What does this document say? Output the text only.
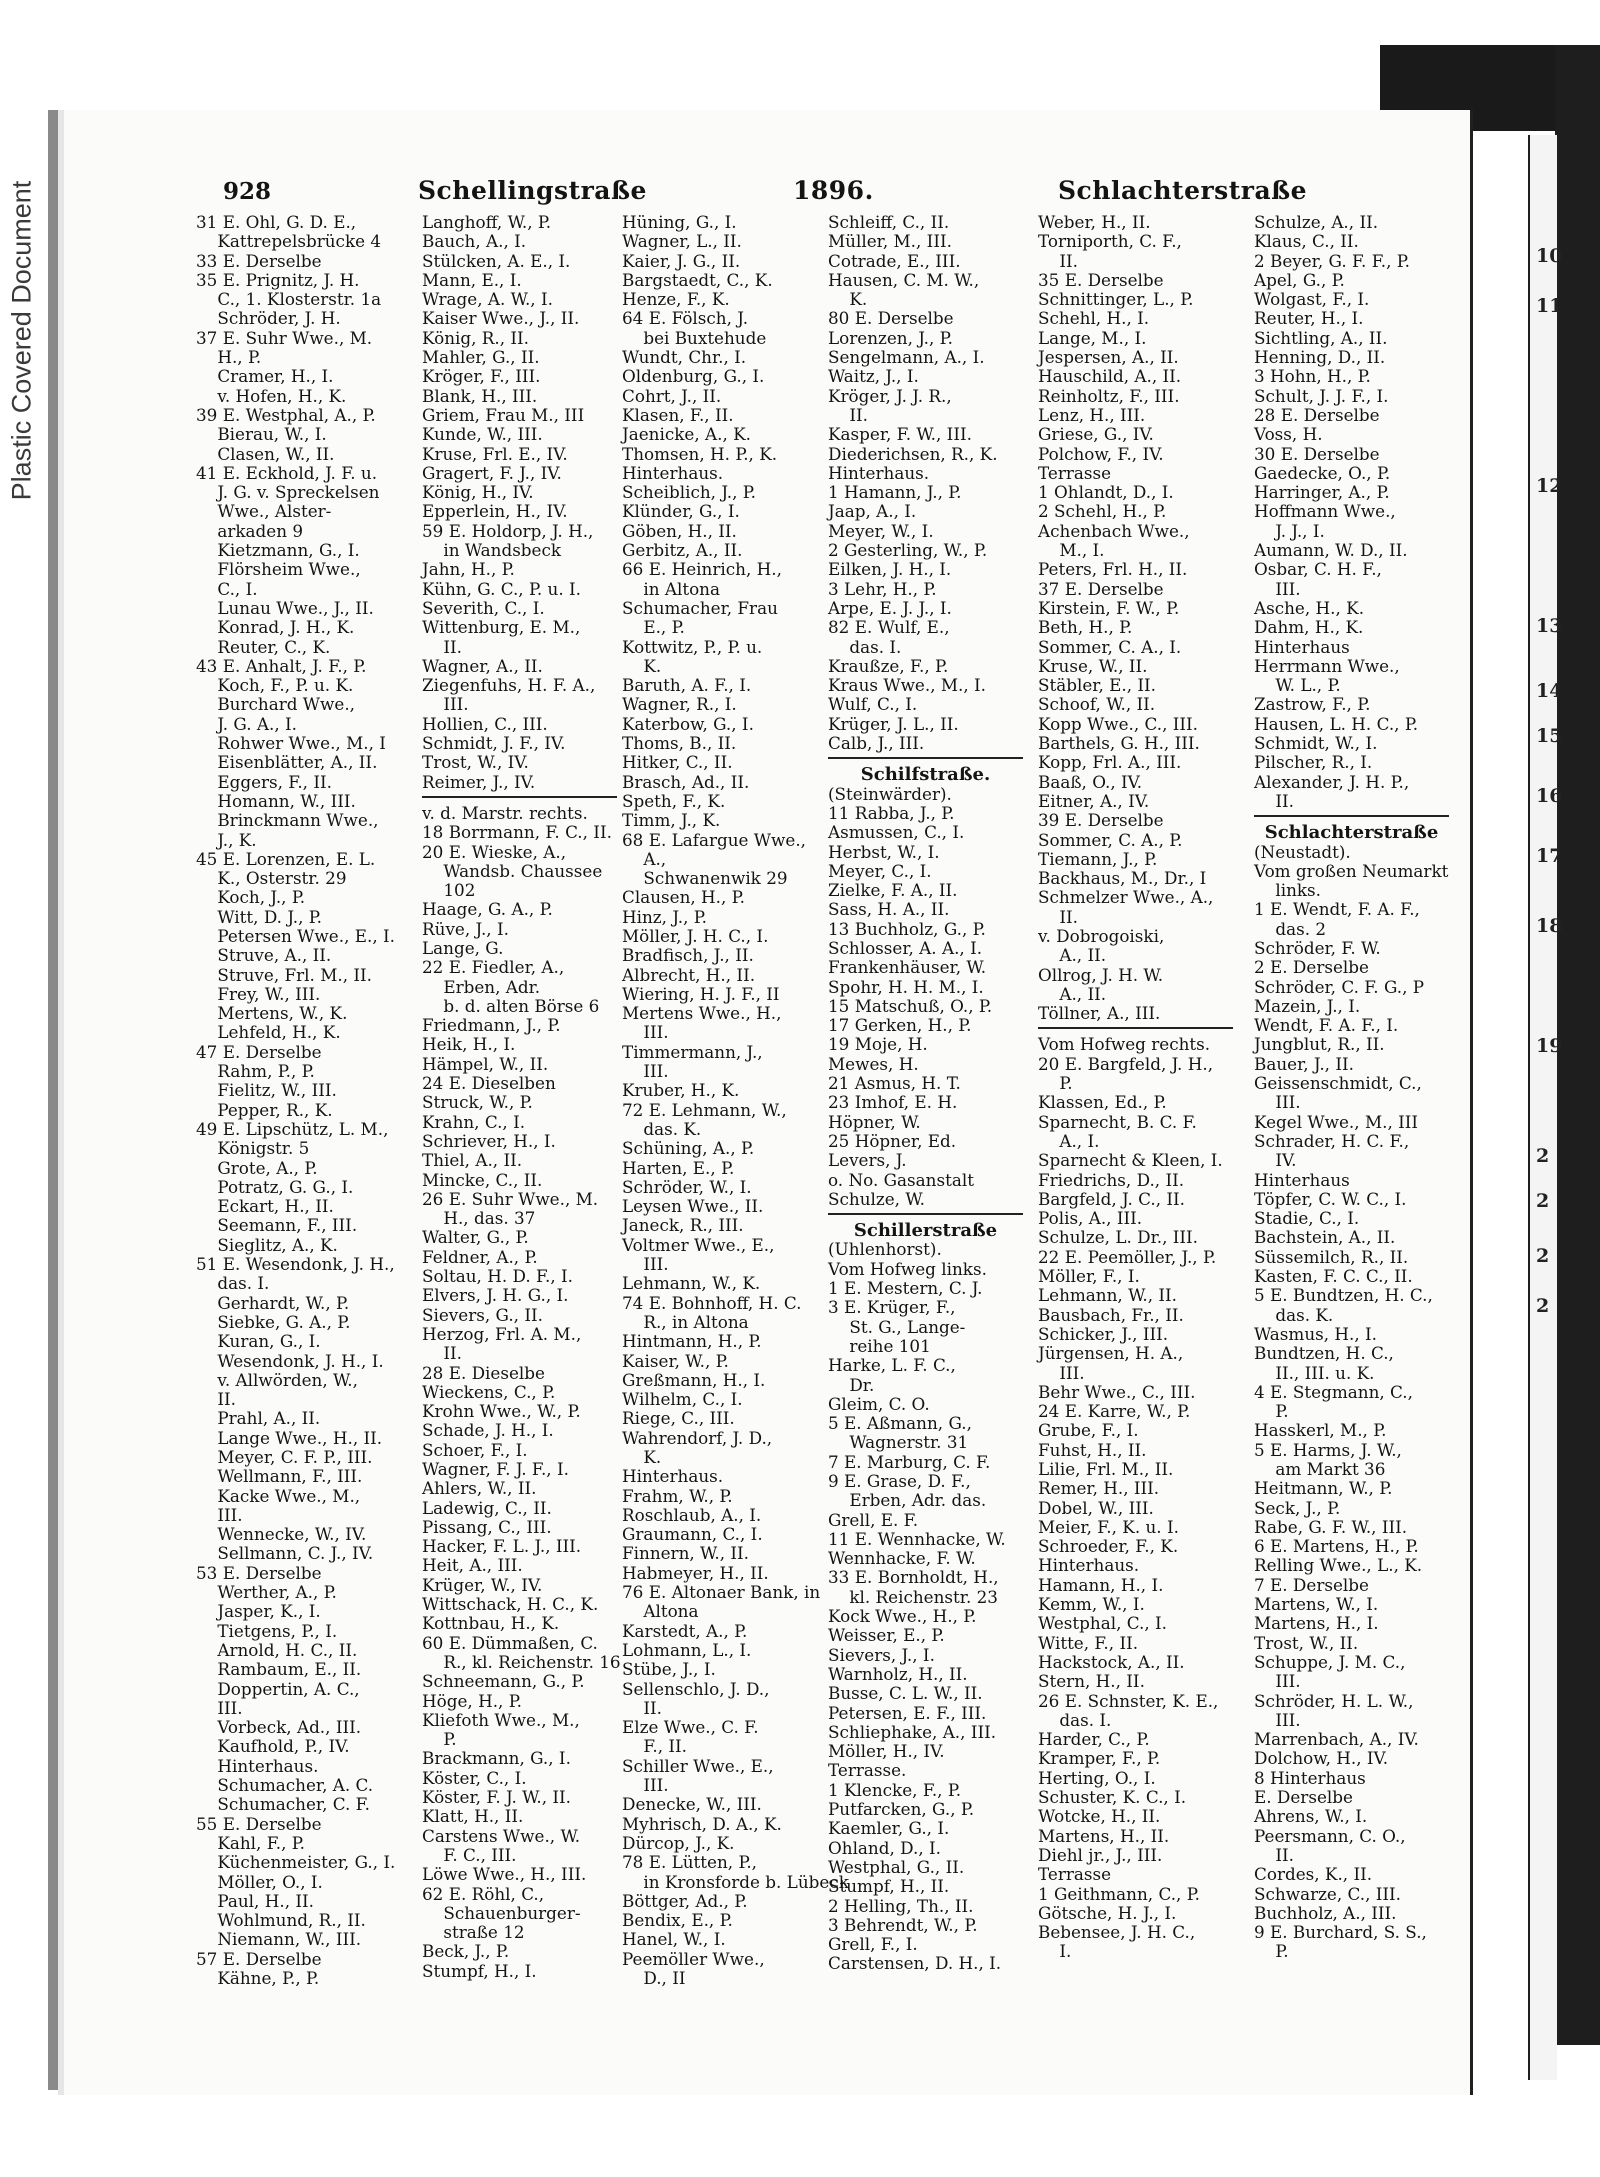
Plastic Covered Document	10
11
12
13
14
15
16
17
18
19
2
2
2
2
928	Schellingstraße	1896.	Schlachterstraße
31 E. Ohl, G. D. E.,
Kattrepelsbrücke 4
33 E. Derselbe
35 E. Prignitz, J. H.
C., 1. Klosterstr. 1a
Schröder, J. H.
37 E. Suhr Wwe., M.
H., P.
Cramer, H., I.
v. Hofen, H., K.
39 E. Westphal, A., P.
Bierau, W., I.
Clasen, W., II.
41 E. Eckhold, J. F. u.
J. G. v. Spreckelsen
Wwe., Alster-
arkaden 9
Kietzmann, G., I.
Flörsheim Wwe.,
C., I.
Lunau Wwe., J., II.
Konrad, J. H., K.
Reuter, C., K.
43 E. Anhalt, J. F., P.
Koch, F., P. u. K.
Burchard Wwe.,
J. G. A., I.
Rohwer Wwe., M., I
Eisenblätter, A., II.
Eggers, F., II.
Homann, W., III.
Brinckmann Wwe.,
J., K.
45 E. Lorenzen, E. L.
K., Osterstr. 29
Koch, J., P.
Witt, D. J., P.
Petersen Wwe., E., I.
Struve, A., II.
Struve, Frl. M., II.
Frey, W., III.
Mertens, W., K.
Lehfeld, H., K.
47 E. Derselbe
Rahm, P., P.
Fielitz, W., III.
Pepper, R., K.
49 E. Lipschütz, L. M.,
Königstr. 5
Grote, A., P.
Potratz, G. G., I.
Eckart, H., II.
Seemann, F., III.
Sieglitz, A., K.
51 E. Wesendonk, J. H.,
das. I.
Gerhardt, W., P.
Siebke, G. A., P.
Kuran, G., I.
Wesendonk, J. H., I.
v. Allwörden, W.,
II.
Prahl, A., II.
Lange Wwe., H., II.
Meyer, C. F. P., III.
Wellmann, F., III.
Kacke Wwe., M.,
III.
Wennecke, W., IV.
Sellmann, C. J., IV.
53 E. Derselbe
Werther, A., P.
Jasper, K., I.
Tietgens, P., I.
Arnold, H. C., II.
Rambaum, E., II.
Doppertin, A. C.,
III.
Vorbeck, Ad., III.
Kaufhold, P., IV.
Hinterhaus.
Schumacher, A. C.
Schumacher, C. F.
55 E. Derselbe
Kahl, F., P.
Küchenmeister, G., I.
Möller, O., I.
Paul, H., II.
Wohlmund, R., II.
Niemann, W., III.
57 E. Derselbe
Kähne, P., P.
Langhoff, W., P.
Bauch, A., I.
Stülcken, A. E., I.
Mann, E., I.
Wrage, A. W., I.
Kaiser Wwe., J., II.
König, R., II.
Mahler, G., II.
Kröger, F., III.
Blank, H., III.
Griem, Frau M., III
Kunde, W., III.
Kruse, Frl. E., IV.
Gragert, F. J., IV.
König, H., IV.
Epperlein, H., IV.
59 E. Holdorp, J. H.,
in Wandsbeck
Jahn, H., P.
Kühn, G. C., P. u. I.
Severith, C., I.
Wittenburg, E. M.,
II.
Wagner, A., II.
Ziegenfuhs, H. F. A.,
III.
Hollien, C., III.
Schmidt, J. F., IV.
Trost, W., IV.
Reimer, J., IV.
v. d. Marstr. rechts.
18 Borrmann, F. C., II.
20 E. Wieske, A.,
Wandsb. Chaussee
102
Haage, G. A., P.
Rüve, J., I.
Lange, G.
22 E. Fiedler, A.,
Erben, Adr.
b. d. alten Börse 6
Friedmann, J., P.
Heik, H., I.
Hämpel, W., II.
24 E. Dieselben
Struck, W., P.
Krahn, C., I.
Schriever, H., I.
Thiel, A., II.
Mincke, C., II.
26 E. Suhr Wwe., M.
H., das. 37
Walter, G., P.
Feldner, A., P.
Soltau, H. D. F., I.
Elvers, J. H. G., I.
Sievers, G., II.
Herzog, Frl. A. M.,
II.
28 E. Dieselbe
Wieckens, C., P.
Krohn Wwe., W., P.
Schade, J. H., I.
Schoer, F., I.
Wagner, F. J. F., I.
Ahlers, W., II.
Ladewig, C., II.
Pissang, C., III.
Hacker, F. L. J., III.
Heit, A., III.
Krüger, W., IV.
Wittschack, H. C., K.
Kottnbau, H., K.
60 E. Dümmaßen, C.
R., kl. Reichenstr. 16
Schneemann, G., P.
Höge, H., P.
Kliefoth Wwe., M.,
P.
Brackmann, G., I.
Köster, C., I.
Köster, F. J. W., II.
Klatt, H., II.
Carstens Wwe., W.
F. C., III.
Löwe Wwe., H., III.
62 E. Röhl, C.,
Schauenburger-
straße 12
Beck, J., P.
Stumpf, H., I.
Hüning, G., I.
Wagner, L., II.
Kaier, J. G., II.
Bargstaedt, C., K.
Henze, F., K.
64 E. Fölsch, J.
bei Buxtehude
Wundt, Chr., I.
Oldenburg, G., I.
Cohrt, J., II.
Klasen, F., II.
Jaenicke, A., K.
Thomsen, H. P., K.
Hinterhaus.
Scheiblich, J., P.
Klünder, G., I.
Göben, H., II.
Gerbitz, A., II.
66 E. Heinrich, H.,
in Altona
Schumacher, Frau
E., P.
Kottwitz, P., P. u.
K.
Baruth, A. F., I.
Wagner, R., I.
Katerbow, G., I.
Thoms, B., II.
Hitker, C., II.
Brasch, Ad., II.
Speth, F., K.
Timm, J., K.
68 E. Lafargue Wwe.,
A.,
Schwanenwik 29
Clausen, H., P.
Hinz, J., P.
Möller, J. H. C., I.
Bradfisch, J., II.
Albrecht, H., II.
Wiering, H. J. F., II
Mertens Wwe., H.,
III.
Timmermann, J.,
III.
Kruber, H., K.
72 E. Lehmann, W.,
das. K.
Schüning, A., P.
Harten, E., P.
Schröder, W., I.
Leysen Wwe., II.
Janeck, R., III.
Voltmer Wwe., E.,
III.
Lehmann, W., K.
74 E. Bohnhoff, H. C.
R., in Altona
Hintmann, H., P.
Kaiser, W., P.
Greßmann, H., I.
Wilhelm, C., I.
Riege, C., III.
Wahrendorf, J. D.,
K.
Hinterhaus.
Frahm, W., P.
Roschlaub, A., I.
Graumann, C., I.
Finnern, W., II.
Habmeyer, H., II.
76 E. Altonaer Bank, in
Altona
Karstedt, A., P.
Lohmann, L., I.
Stübe, J., I.
Sellenschlo, J. D.,
II.
Elze Wwe., C. F.
F., II.
Schiller Wwe., E.,
III.
Denecke, W., III.
Myhrisch, D. A., K.
Dürcop, J., K.
78 E. Lütten, P.,
in Kronsforde b. Lübeck
Böttger, Ad., P.
Bendix, E., P.
Hanel, W., I.
Peemöller Wwe.,
D., II
Schleiff, C., II.
Müller, M., III.
Cotrade, E., III.
Hausen, C. M. W.,
K.
80 E. Derselbe
Lorenzen, J., P.
Sengelmann, A., I.
Waitz, J., I.
Kröger, J. J. R.,
II.
Kasper, F. W., III.
Diederichsen, R., K.
Hinterhaus.
1 Hamann, J., P.
Jaap, A., I.
Meyer, W., I.
2 Gesterling, W., P.
Eilken, J. H., I.
3 Lehr, H., P.
Arpe, E. J. J., I.
82 E. Wulf, E.,
das. I.
Kraußze, F., P.
Kraus Wwe., M., I.
Wulf, C., I.
Krüger, J. L., II.
Calb, J., III.
Schilfstraße.
(Steinwärder).
11 Rabba, J., P.
Asmussen, C., I.
Herbst, W., I.
Meyer, C., I.
Zielke, F. A., II.
Sass, H. A., II.
13 Buchholz, G., P.
Schlosser, A. A., I.
Frankenhäuser, W.
Spohr, H. H. M., I.
15 Matschuß, O., P.
17 Gerken, H., P.
19 Moje, H.
Mewes, H.
21 Asmus, H. T.
23 Imhof, E. H.
Höpner, W.
25 Höpner, Ed.
Levers, J.
o. No. Gasanstalt
Schulze, W.
Schillerstraße
(Uhlenhorst).
Vom Hofweg links.
1 E. Mestern, C. J.
3 E. Krüger, F.,
St. G., Lange-
reihe 101
Harke, L. F. C.,
Dr.
Gleim, C. O.
5 E. Aßmann, G.,
Wagnerstr. 31
7 E. Marburg, C. F.
9 E. Grase, D. F.,
Erben, Adr. das.
Grell, E. F.
11 E. Wennhacke, W.
Wennhacke, F. W.
33 E. Bornholdt, H.,
kl. Reichenstr. 23
Kock Wwe., H., P.
Weisser, E., P.
Sievers, J., I.
Warnholz, H., II.
Busse, C. L. W., II.
Petersen, E. F., III.
Schliephake, A., III.
Möller, H., IV.
Terrasse.
1 Klencke, F., P.
Putfarcken, G., P.
Kaemler, G., I.
Ohland, D., I.
Westphal, G., II.
Stumpf, H., II.
2 Helling, Th., II.
3 Behrendt, W., P.
Grell, F., I.
Carstensen, D. H., I.
Weber, H., II.
Torniporth, C. F.,
II.
35 E. Derselbe
Schnittinger, L., P.
Schehl, H., I.
Lange, M., I.
Jespersen, A., II.
Hauschild, A., II.
Reinholtz, F., III.
Lenz, H., III.
Griese, G., IV.
Polchow, F., IV.
Terrasse
1 Ohlandt, D., I.
2 Schehl, H., P.
Achenbach Wwe.,
M., I.
Peters, Frl. H., II.
37 E. Derselbe
Kirstein, F. W., P.
Beth, H., P.
Sommer, C. A., I.
Kruse, W., II.
Stäbler, E., II.
Schoof, W., II.
Kopp Wwe., C., III.
Barthels, G. H., III.
Kopp, Frl. A., III.
Baaß, O., IV.
Eitner, A., IV.
39 E. Derselbe
Sommer, C. A., P.
Tiemann, J., P.
Backhaus, M., Dr., I
Schmelzer Wwe., A.,
II.
v. Dobrogoiski,
A., II.
Ollrog, J. H. W.
A., II.
Töllner, A., III.
Vom Hofweg rechts.
20 E. Bargfeld, J. H.,
P.
Klassen, Ed., P.
Sparnecht, B. C. F.
A., I.
Sparnecht & Kleen, I.
Friedrichs, D., II.
Bargfeld, J. C., II.
Polis, A., III.
Schulze, L. Dr., III.
22 E. Peemöller, J., P.
Möller, F., I.
Lehmann, W., II.
Bausbach, Fr., II.
Schicker, J., III.
Jürgensen, H. A.,
III.
Behr Wwe., C., III.
24 E. Karre, W., P.
Grube, F., I.
Fuhst, H., II.
Lilie, Frl. M., II.
Remer, H., III.
Dobel, W., III.
Meier, F., K. u. I.
Schroeder, F., K.
Hinterhaus.
Hamann, H., I.
Kemm, W., I.
Westphal, C., I.
Witte, F., II.
Hackstock, A., II.
Stern, H., II.
26 E. Schnster, K. E.,
das. I.
Harder, C., P.
Kramper, F., P.
Herting, O., I.
Schuster, K. C., I.
Wotcke, H., II.
Martens, H., II.
Diehl jr., J., III.
Terrasse
1 Geithmann, C., P.
Götsche, H. J., I.
Bebensee, J. H. C.,
I.
Schulze, A., II.
Klaus, C., II.
2 Beyer, G. F. F., P.
Apel, G., P.
Wolgast, F., I.
Reuter, H., I.
Sichtling, A., II.
Henning, D., II.
3 Hohn, H., P.
Schult, J. J. F., I.
28 E. Derselbe
Voss, H.
30 E. Derselbe
Gaedecke, O., P.
Harringer, A., P.
Hoffmann Wwe.,
J. J., I.
Aumann, W. D., II.
Osbar, C. H. F.,
III.
Asche, H., K.
Dahm, H., K.
Hinterhaus
Herrmann Wwe.,
W. L., P.
Zastrow, F., P.
Hausen, L. H. C., P.
Schmidt, W., I.
Pilscher, R., I.
Alexander, J. H. P.,
II.
Schlachterstraße
(Neustadt).
Vom großen Neumarkt
links.
1 E. Wendt, F. A. F.,
das. 2
Schröder, F. W.
2 E. Derselbe
Schröder, C. F. G., P
Mazein, J., I.
Wendt, F. A. F., I.
Jungblut, R., II.
Bauer, J., II.
Geissenschmidt, C.,
III.
Kegel Wwe., M., III
Schrader, H. C. F.,
IV.
Hinterhaus
Töpfer, C. W. C., I.
Stadie, C., I.
Bachstein, A., II.
Süssemilch, R., II.
Kasten, F. C. C., II.
5 E. Bundtzen, H. C.,
das. K.
Wasmus, H., I.
Bundtzen, H. C.,
II., III. u. K.
4 E. Stegmann, C.,
P.
Hasskerl, M., P.
5 E. Harms, J. W.,
am Markt 36
Heitmann, W., P.
Seck, J., P.
Rabe, G. F. W., III.
6 E. Martens, H., P.
Relling Wwe., L., K.
7 E. Derselbe
Martens, W., I.
Martens, H., I.
Trost, W., II.
Schuppe, J. M. C.,
III.
Schröder, H. L. W.,
III.
Marrenbach, A., IV.
Dolchow, H., IV.
8 Hinterhaus
E. Derselbe
Ahrens, W., I.
Peersmann, C. O.,
II.
Cordes, K., II.
Schwarze, C., III.
Buchholz, A., III.
9 E. Burchard, S. S.,
P.
